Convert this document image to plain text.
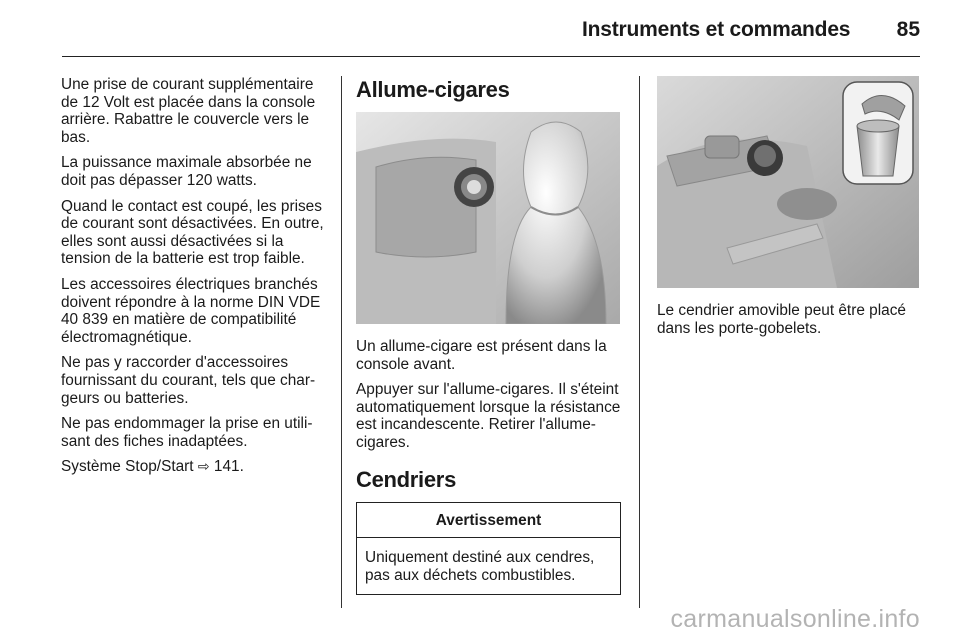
Instruments et commandes 85

Une prise de courant supplémentaire de 12 Volt est placée dans la console arrière. Rabattre le couvercle vers le bas.

La puissance maximale absorbée ne doit pas dépasser 120 watts.

Quand le contact est coupé, les prises de courant sont désactivées. En outre, elles sont aussi désactivées si la tension de la batterie est trop faible.

Les accessoires électriques branchés doivent répondre à la norme DIN VDE 40 839 en matière de compatibilité électromagnétique.

Ne pas y raccorder d'accessoires fournissant du courant, tels que chargeurs ou batteries.

Ne pas endommager la prise en utilisant des fiches inadaptées.

Système Stop/Start ⇨ 141.

Allume-cigares

Un allume-cigare est présent dans la console avant.

Appuyer sur l'allume-cigares. Il s'éteint automatiquement lorsque la résistance est incandescente. Retirer l'allume-cigares.

Cendriers
Avertissement
Uniquement destiné aux cendres, pas aux déchets combustibles.

Le cendrier amovible peut être placé dans les porte-gobelets.

carmanualsonline.info
